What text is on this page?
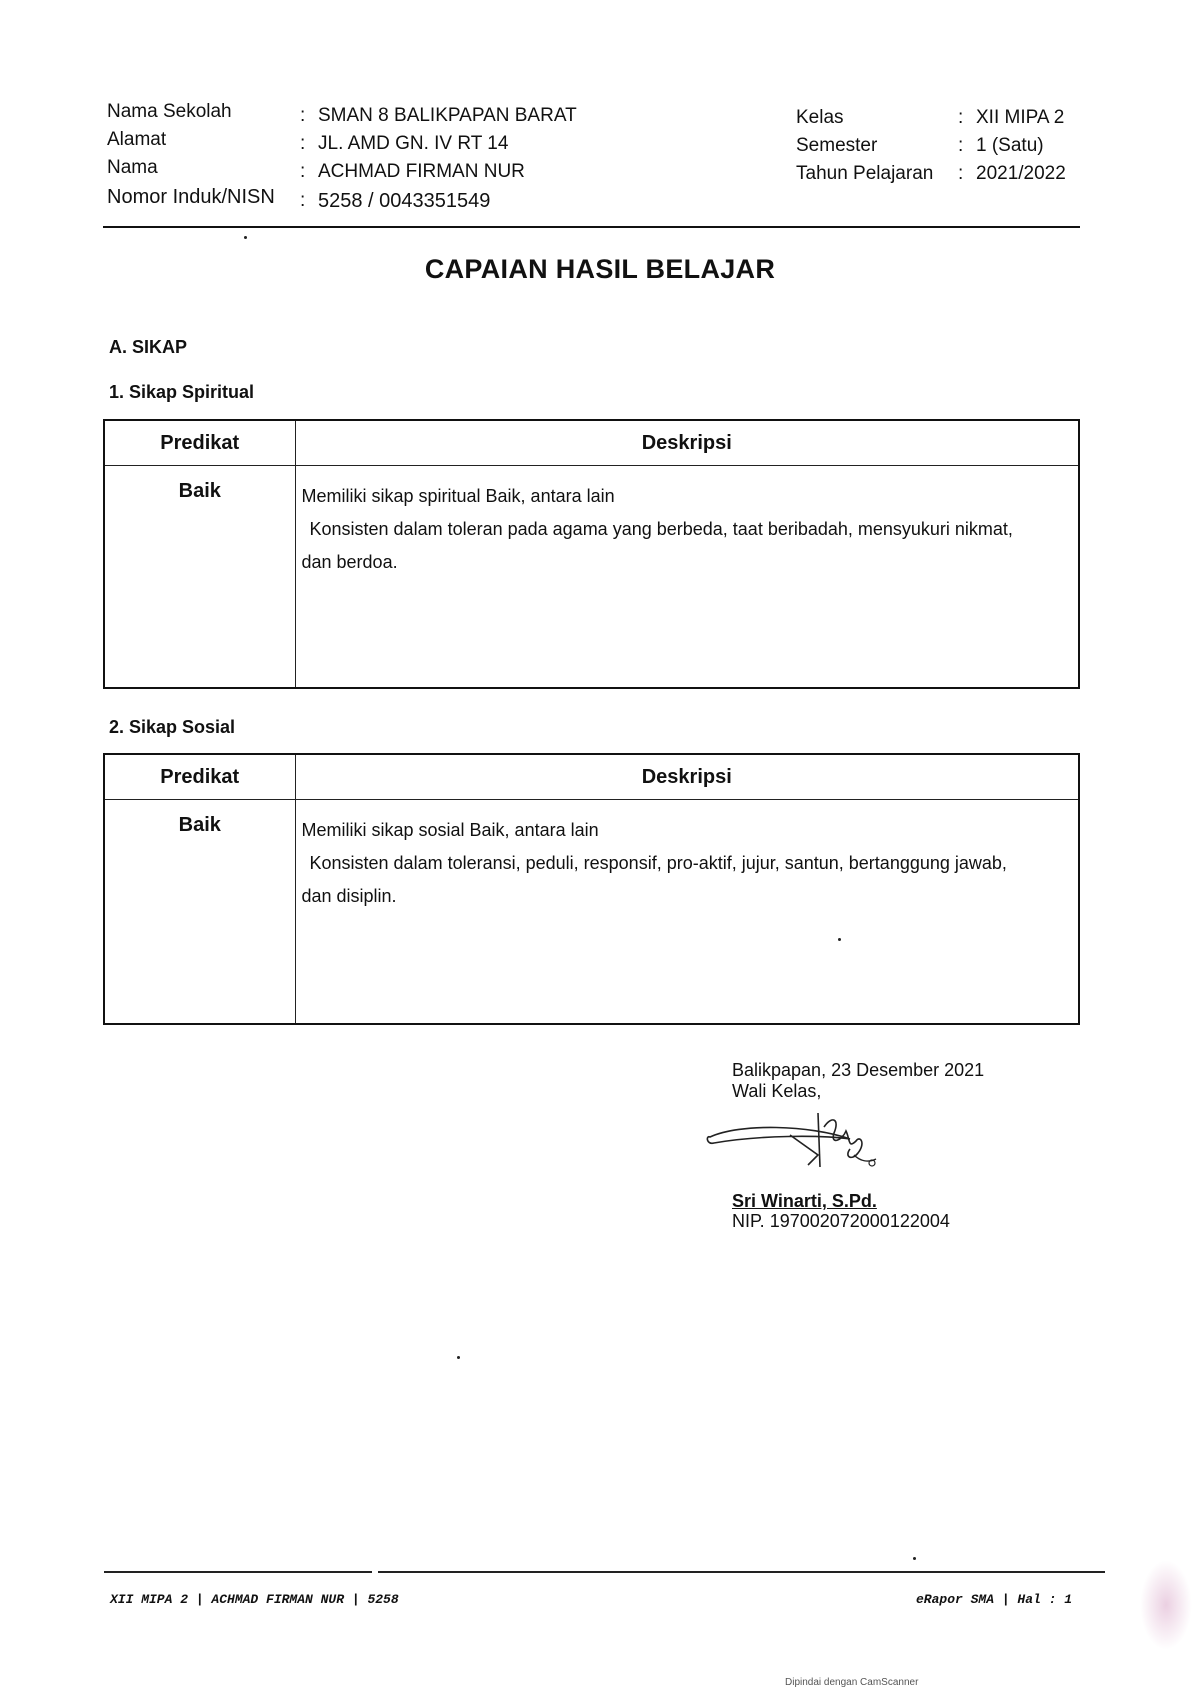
Nama Sekolah	: SMAN 8 BALIKPAPAN BARAT
Alamat	: JL. AMD GN. IV RT 14
Nama	: ACHMAD FIRMAN NUR
Nomor Induk/NISN : 5258 / 0043351549
Kelas	: XII MIPA 2
Semester	: 1 (Satu)
Tahun Pelajaran : 2021/2022
CAPAIAN HASIL BELAJAR
A. SIKAP
1. Sikap Spiritual
Predikat	Deskripsi
Baik	Memiliki sikap spiritual Baik, antara lain
Konsisten dalam toleran pada agama yang berbeda, taat beribadah, mensyukuri nikmat,
dan berdoa.
2. Sikap Sosial
Predikat	Deskripsi
Baik	Memiliki sikap sosial Baik, antara lain
Konsisten dalam toleransi, peduli, responsif, pro-aktif, jujur, santun, bertanggung jawab,
dan disiplin.
Balikpapan, 23 Desember 2021
Wali Kelas,
Sri Winarti, S.Pd.
NIP. 197002072000122004
XII MIPA 2 | ACHMAD FIRMAN NUR | 5258	eRapor SMA | Hal : 1
Dipindai dengan CamScanner
